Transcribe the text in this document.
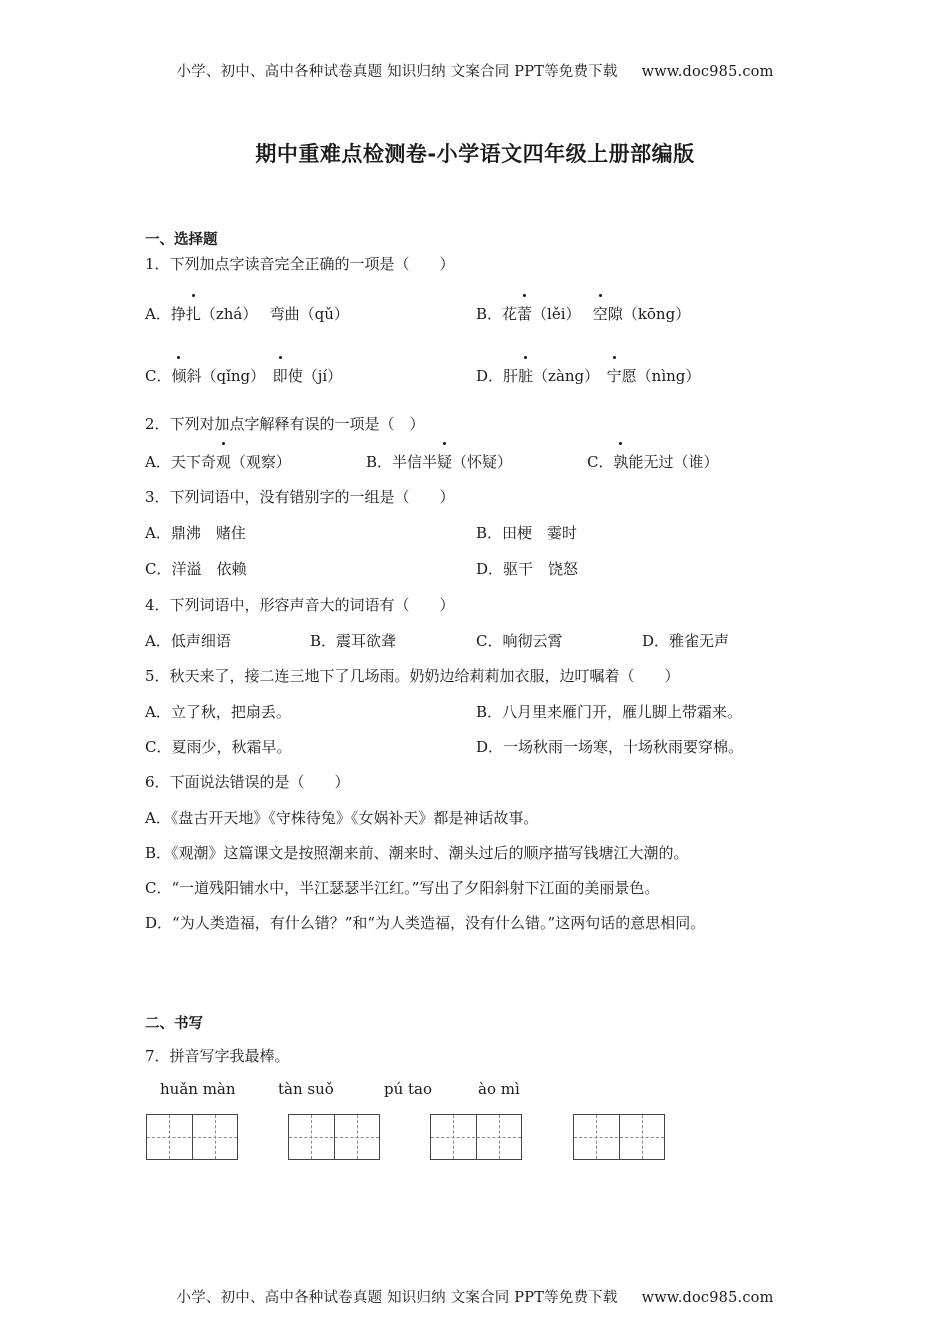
小学、初中、高中各种试卷真题 知识归纳 文案合同 PPT等免费下载 www.doc985.com
期中重难点检测卷-小学语文四年级上册部编版
一、选择题
1．下列加点字读音完全正确的一项是（　　）
A．挣扎（zhá）　 弯曲（qǔ）	B．花蕾（lěi）　 空隙（kōng）
C．倾斜（qǐng）　即使（jí）	D．肝脏（zàng）　宁愿（nìng）
2．下列对加点字解释有误的一项是（　）
A．天下奇观（观察）	B．半信半疑（怀疑）	C．孰能无过（谁）
3．下列词语中，没有错别字的一组是（　　）
A．鼎沸　赌住	B．田梗　霎时
C．洋溢　依赖	D．驱干　饶怒
4．下列词语中，形容声音大的词语有（　　）
A．低声细语	B．震耳欲聋	C．响彻云霄	D．雅雀无声
5．秋天来了，接二连三地下了几场雨。奶奶边给莉莉加衣服，边叮嘱着（　　）
A．立了秋，把扇丢。	B．八月里来雁门开，雁儿脚上带霜来。
C．夏雨少，秋霜早。	D．一场秋雨一场寒，十场秋雨要穿棉。
6．下面说法错误的是（　　）
A．《盘古开天地》《守株待兔》《女娲补天》都是神话故事。
B．《观潮》这篇课文是按照潮来前、潮来时、潮头过后的顺序描写钱塘江大潮的。
C．“一道残阳铺水中，半江瑟瑟半江红。”写出了夕阳斜射下江面的美丽景色。
D．“为人类造福，有什么错？”和“为人类造福，没有什么错。”这两句话的意思相同。
二、书写
7．拼音写字我最棒。
huǎn màn	tàn suǒ	pú tao	ào mì
小学、初中、高中各种试卷真题 知识归纳 文案合同 PPT等免费下载 www.doc985.com
